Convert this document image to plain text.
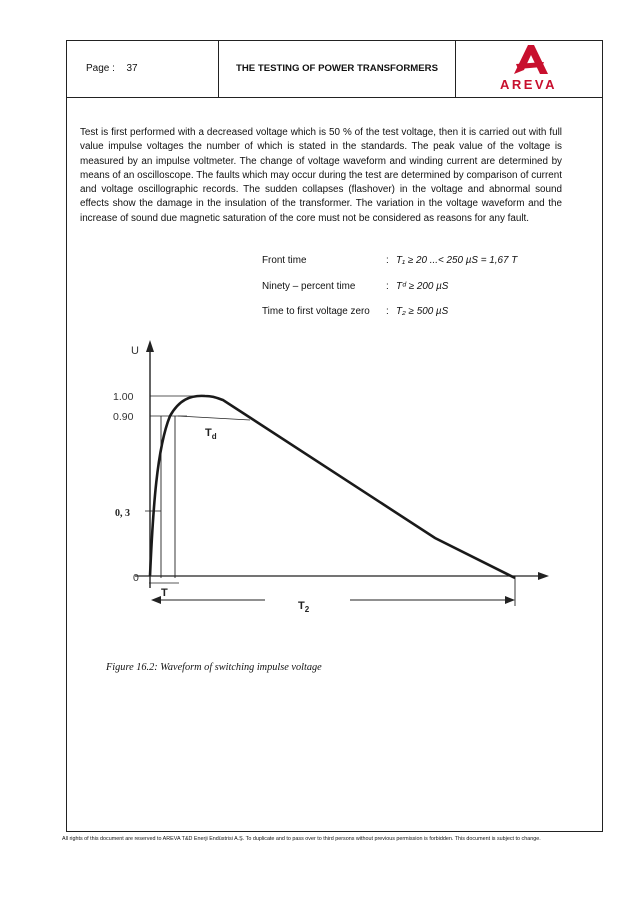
Page : 37	THE TESTING OF POWER TRANSFORMERS
AREVA

Test is first performed with a decreased voltage which is 50 % of the test voltage, then it is carried out with full value impulse voltages the number of which is stated in the standards. The peak value of the voltage is measured by an impulse voltmeter. The change of voltage waveform and winding current are determined by means of an oscilloscope. The faults which may occur during the test are determined by comparison of current and voltage oscillographic records. The sudden collapses (flashover) in the voltage and abnormal sound effects show the damage in the insulation of the transformer. The variation in the voltage waveform and the increase of sound due magnetic saturation of the core must not be considered as reasons for any fault.

Front time	: T₁ ≥ 20 ...< 250 µS = 1,67 T
Ninety – percent time	: Tᵈ ≥ 200 µS
Time to first voltage zero : T₂ ≥ 500 µS
U
1.00
0.90
0, 3
0
$T_d$
T
$T_2$
Figure 16.2: Waveform of switching impulse voltage
All rights of this document are reserved to AREVA T&D Enerji Endüstrisi A.Ş. To duplicate and to pass over to third persons without previous permission is forbidden. This document is subject to change.
